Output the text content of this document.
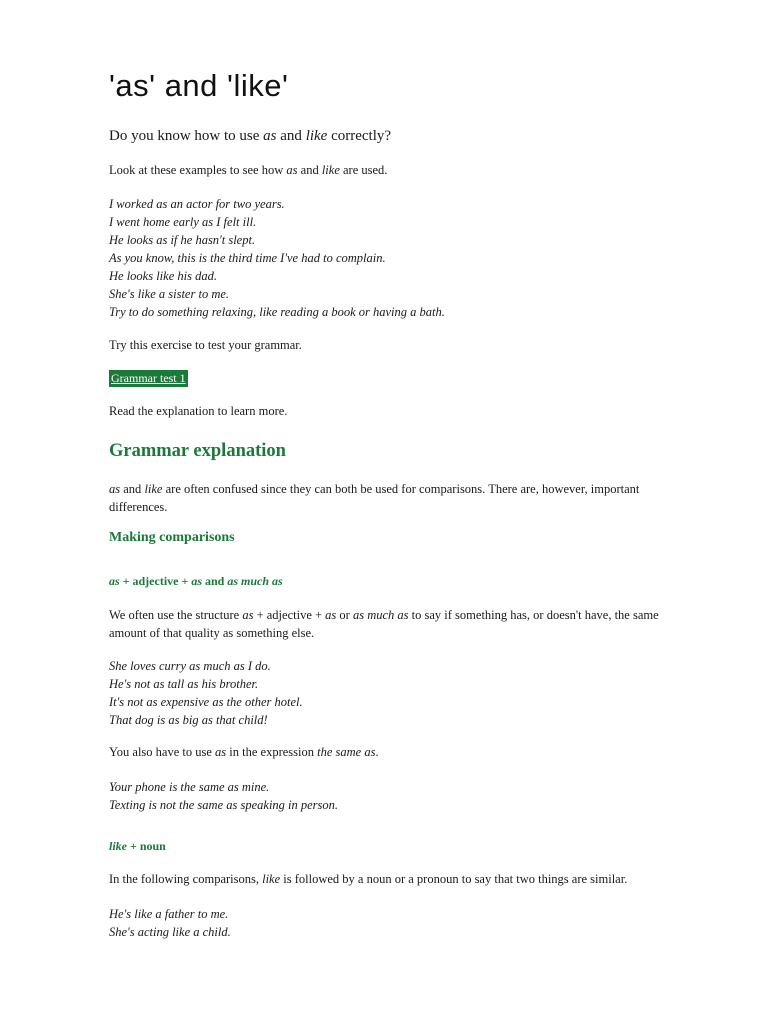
'as' and 'like'
Do you know how to use as and like correctly?
Look at these examples to see how as and like are used.
I worked as an actor for two years.
I went home early as I felt ill.
He looks as if he hasn't slept.
As you know, this is the third time I've had to complain.
He looks like his dad.
She's like a sister to me.
Try to do something relaxing, like reading a book or having a bath.
Try this exercise to test your grammar.
Grammar test 1
Read the explanation to learn more.
Grammar explanation
as and like are often confused since they can both be used for comparisons. There are, however, important differences.
Making comparisons
as + adjective + as and as much as
We often use the structure as + adjective + as or as much as to say if something has, or doesn't have, the same amount of that quality as something else.
She loves curry as much as I do.
He's not as tall as his brother.
It's not as expensive as the other hotel.
That dog is as big as that child!
You also have to use as in the expression the same as.
Your phone is the same as mine.
Texting is not the same as speaking in person.
like + noun
In the following comparisons, like is followed by a noun or a pronoun to say that two things are similar.
He's like a father to me.
She's acting like a child.
